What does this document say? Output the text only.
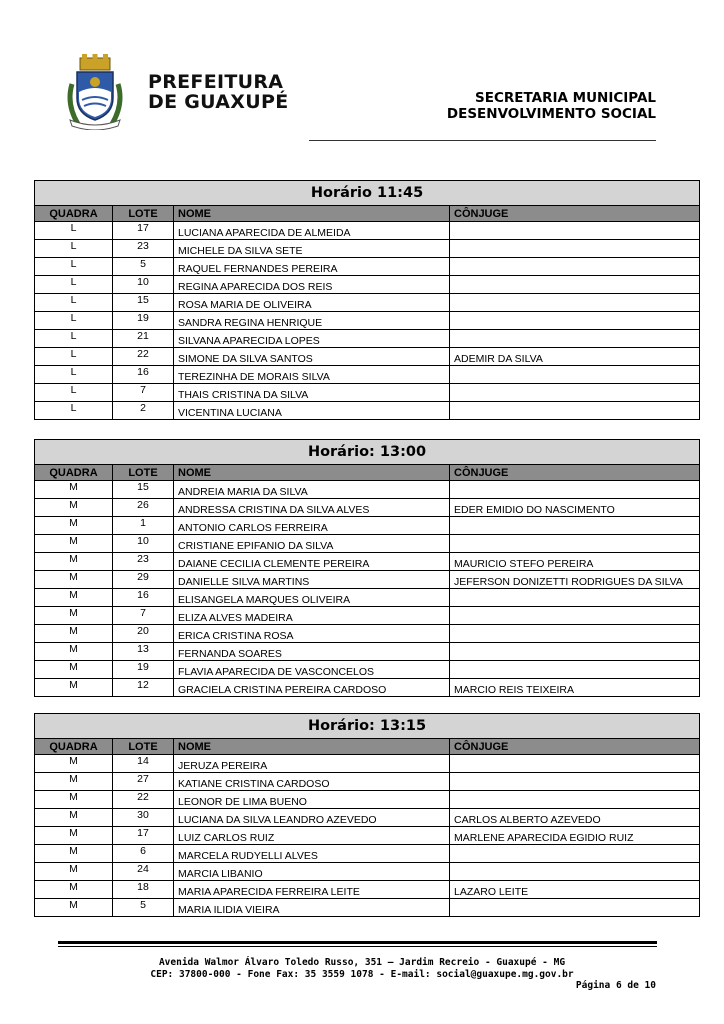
PREFEITURA
DE GUAXUPÉ	SECRETARIA MUNICIPAL
DESENVOLVIMENTO SOCIAL
Horário 11:45			
QUADRA	LOTE	NOME	CÔNJUGE
L	17	LUCIANA APARECIDA DE ALMEIDA	
L	23	MICHELE DA SILVA SETE	
L	5	RAQUEL FERNANDES PEREIRA	
L	10	REGINA APARECIDA DOS REIS	
L	15	ROSA MARIA DE OLIVEIRA	
L	19	SANDRA REGINA HENRIQUE	
L	21	SILVANA APARECIDA LOPES	
L	22	SIMONE DA SILVA SANTOS	ADEMIR DA SILVA
L	16	TEREZINHA DE MORAIS SILVA	
L	7	THAIS CRISTINA DA SILVA	
L	2	VICENTINA LUCIANA	
Horário: 13:00			
QUADRA	LOTE	NOME	CÔNJUGE
M	15	ANDREIA MARIA DA SILVA	
M	26	ANDRESSA CRISTINA DA SILVA ALVES	EDER EMIDIO DO NASCIMENTO
M	1	ANTONIO CARLOS FERREIRA	
M	10	CRISTIANE EPIFANIO DA SILVA	
M	23	DAIANE CECILIA CLEMENTE PEREIRA	MAURICIO STEFO PEREIRA
M	29	DANIELLE SILVA MARTINS	JEFERSON DONIZETTI RODRIGUES DA SILVA
M	16	ELISANGELA MARQUES OLIVEIRA	
M	7	ELIZA ALVES MADEIRA	
M	20	ERICA CRISTINA ROSA	
M	13	FERNANDA SOARES	
M	19	FLAVIA APARECIDA DE VASCONCELOS	
M	12	GRACIELA CRISTINA PEREIRA CARDOSO	MARCIO REIS TEIXEIRA
Horário: 13:15			
QUADRA	LOTE	NOME	CÔNJUGE
M	14	JERUZA PEREIRA	
M	27	KATIANE CRISTINA CARDOSO	
M	22	LEONOR DE LIMA BUENO	
M	30	LUCIANA DA SILVA LEANDRO AZEVEDO	CARLOS ALBERTO AZEVEDO
M	17	LUIZ CARLOS RUIZ	MARLENE APARECIDA EGIDIO RUIZ
M	6	MARCELA RUDYELLI ALVES	
M	24	MARCIA LIBANIO	
M	18	MARIA APARECIDA FERREIRA LEITE	LAZARO LEITE
M	5	MARIA ILIDIA VIEIRA	
Avenida Walmor Álvaro Toledo Russo, 351 – Jardim Recreio - Guaxupé - MG
CEP: 37800-000 - Fone Fax: 35 3559 1078 - E-mail: social@guaxupe.mg.gov.br
Página 6 de 10
